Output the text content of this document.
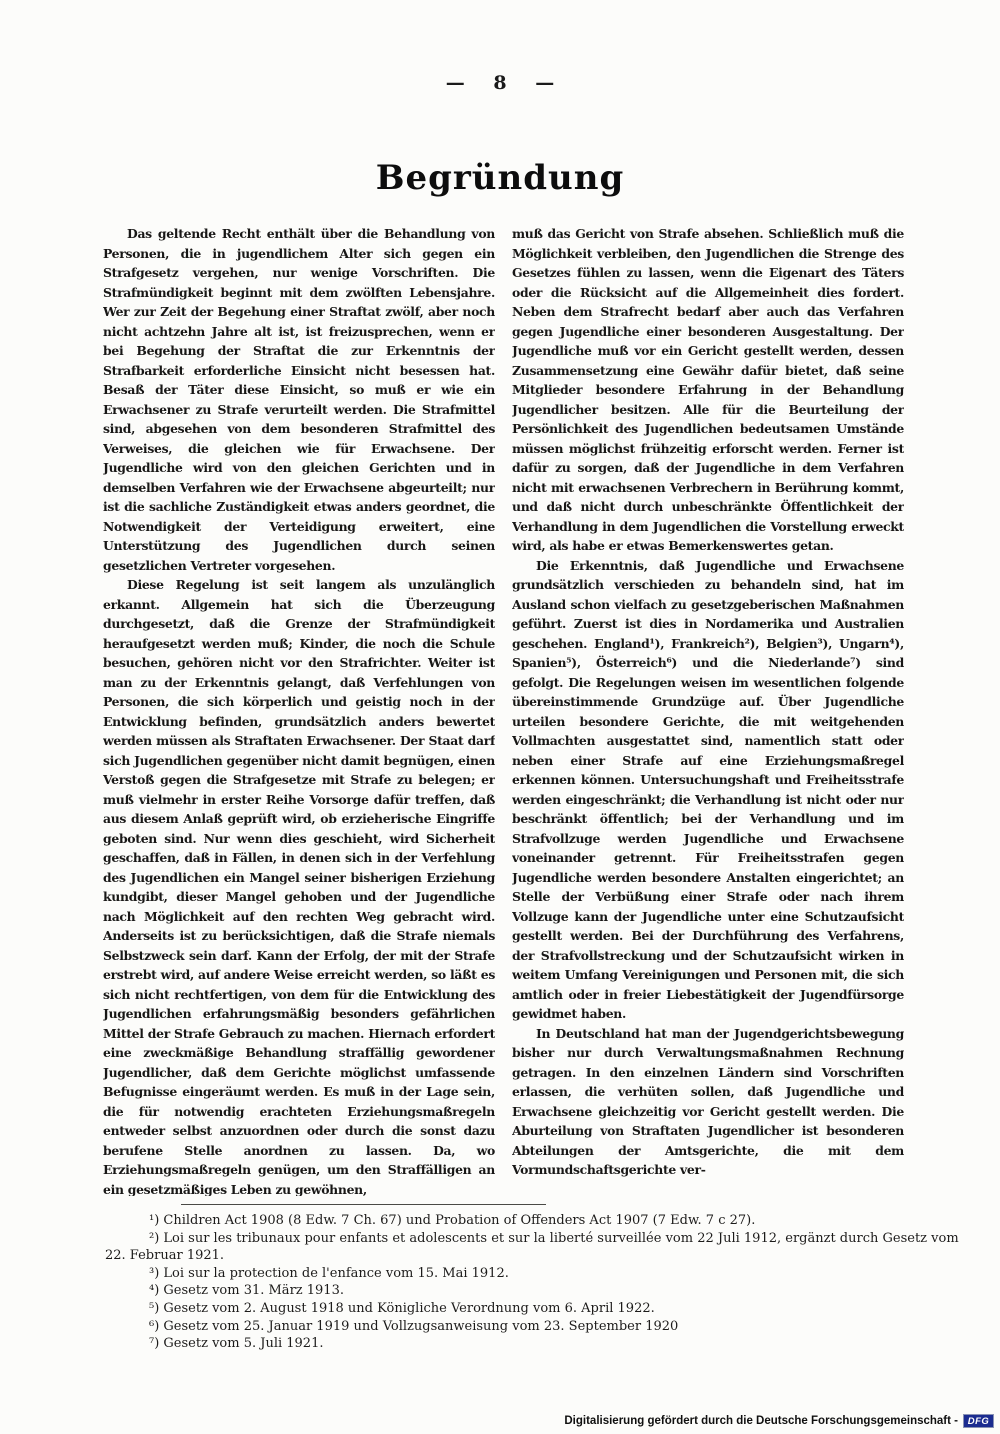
— 8 —
Begründung

Das geltende Recht enthält über die Behandlung von Personen, die in jugendlichem Alter sich gegen ein Strafgesetz vergehen, nur wenige Vorschriften. Die Strafmündigkeit beginnt mit dem zwölften Lebensjahre. Wer zur Zeit der Begehung einer Straftat zwölf, aber noch nicht achtzehn Jahre alt ist, ist freizusprechen, wenn er bei Begehung der Straftat die zur Erkenntnis der Strafbarkeit erforderliche Einsicht nicht besessen hat. Besaß der Täter diese Einsicht, so muß er wie ein Erwachsener zu Strafe verurteilt werden. Die Strafmittel sind, abgesehen von dem besonderen Strafmittel des Verweises, die gleichen wie für Erwachsene. Der Jugendliche wird von den gleichen Gerichten und in demselben Verfahren wie der Erwachsene abgeurteilt; nur ist die sachliche Zuständigkeit etwas anders geordnet, die Notwendigkeit der Verteidigung erweitert, eine Unterstützung des Jugendlichen durch seinen gesetzlichen Vertreter vorgesehen.

Diese Regelung ist seit langem als unzulänglich erkannt. Allgemein hat sich die Überzeugung durchgesetzt, daß die Grenze der Strafmündigkeit heraufgesetzt werden muß; Kinder, die noch die Schule besuchen, gehören nicht vor den Strafrichter. Weiter ist man zu der Erkenntnis gelangt, daß Verfehlungen von Personen, die sich körperlich und geistig noch in der Entwicklung befinden, grundsätzlich anders bewertet werden müssen als Straftaten Erwachsener. Der Staat darf sich Jugendlichen gegenüber nicht damit begnügen, einen Verstoß gegen die Strafgesetze mit Strafe zu belegen; er muß vielmehr in erster Reihe Vorsorge dafür treffen, daß aus diesem Anlaß geprüft wird, ob erzieherische Eingriffe geboten sind. Nur wenn dies geschieht, wird Sicherheit geschaffen, daß in Fällen, in denen sich in der Verfehlung des Jugendlichen ein Mangel seiner bisherigen Erziehung kundgibt, dieser Mangel gehoben und der Jugendliche nach Möglichkeit auf den rechten Weg gebracht wird. Anderseits ist zu berücksichtigen, daß die Strafe niemals Selbstzweck sein darf. Kann der Erfolg, der mit der Strafe erstrebt wird, auf andere Weise erreicht werden, so läßt es sich nicht rechtfertigen, von dem für die Entwicklung des Jugendlichen erfahrungsmäßig besonders gefährlichen Mittel der Strafe Gebrauch zu machen. Hiernach erfordert eine zweckmäßige Behandlung straffällig gewordener Jugendlicher, daß dem Gerichte möglichst umfassende Befugnisse eingeräumt werden. Es muß in der Lage sein, die für notwendig erachteten Erziehungsmaßregeln entweder selbst anzuordnen oder durch die sonst dazu berufene Stelle anordnen zu lassen. Da, wo Erziehungsmaßregeln genügen, um den Straffälligen an ein gesetzmäßiges Leben zu gewöhnen,

muß das Gericht von Strafe absehen. Schließlich muß die Möglichkeit verbleiben, den Jugendlichen die Strenge des Gesetzes fühlen zu lassen, wenn die Eigenart des Täters oder die Rücksicht auf die Allgemeinheit dies fordert. Neben dem Strafrecht bedarf aber auch das Verfahren gegen Jugendliche einer besonderen Ausgestaltung. Der Jugendliche muß vor ein Gericht gestellt werden, dessen Zusammensetzung eine Gewähr dafür bietet, daß seine Mitglieder besondere Erfahrung in der Behandlung Jugendlicher besitzen. Alle für die Beurteilung der Persönlichkeit des Jugendlichen bedeutsamen Umstände müssen möglichst frühzeitig erforscht werden. Ferner ist dafür zu sorgen, daß der Jugendliche in dem Verfahren nicht mit erwachsenen Verbrechern in Berührung kommt, und daß nicht durch unbeschränkte Öffentlichkeit der Verhandlung in dem Jugendlichen die Vorstellung erweckt wird, als habe er etwas Bemerkenswertes getan.

Die Erkenntnis, daß Jugendliche und Erwachsene grundsätzlich verschieden zu behandeln sind, hat im Ausland schon vielfach zu gesetzgeberischen Maßnahmen geführt. Zuerst ist dies in Nordamerika und Australien geschehen. England¹), Frankreich²), Belgien³), Ungarn⁴), Spanien⁵), Österreich⁶) und die Niederlande⁷) sind gefolgt. Die Regelungen weisen im wesentlichen folgende übereinstimmende Grundzüge auf. Über Jugendliche urteilen besondere Gerichte, die mit weitgehenden Vollmachten ausgestattet sind, namentlich statt oder neben einer Strafe auf eine Erziehungsmaßregel erkennen können. Untersuchungshaft und Freiheitsstrafe werden eingeschränkt; die Verhandlung ist nicht oder nur beschränkt öffentlich; bei der Verhandlung und im Strafvollzuge werden Jugendliche und Erwachsene voneinander getrennt. Für Freiheitsstrafen gegen Jugendliche werden besondere Anstalten eingerichtet; an Stelle der Verbüßung einer Strafe oder nach ihrem Vollzuge kann der Jugendliche unter eine Schutzaufsicht gestellt werden. Bei der Durchführung des Verfahrens, der Strafvollstreckung und der Schutzaufsicht wirken in weitem Umfang Vereinigungen und Personen mit, die sich amtlich oder in freier Liebestätigkeit der Jugendfürsorge gewidmet haben.

In Deutschland hat man der Jugendgerichtsbewegung bisher nur durch Verwaltungsmaßnahmen Rechnung getragen. In den einzelnen Ländern sind Vorschriften erlassen, die verhüten sollen, daß Jugendliche und Erwachsene gleichzeitig vor Gericht gestellt werden. Die Aburteilung von Straftaten Jugendlicher ist besonderen Abteilungen der Amtsgerichte, die mit dem Vormundschaftsgerichte ver-

¹) Children Act 1908 (8 Edw. 7 Ch. 67) und Probation of Offenders Act 1907 (7 Edw. 7 c 27).

²) Loi sur les tribunaux pour enfants et adolescents et sur la liberté surveillée vom 22 Juli 1912, ergänzt durch Gesetz vom 22. Februar 1921.

³) Loi sur la protection de l'enfance vom 15. Mai 1912.

⁴) Gesetz vom 31. März 1913.

⁵) Gesetz vom 2. August 1918 und Königliche Verordnung vom 6. April 1922.

⁶) Gesetz vom 25. Januar 1919 und Vollzugsanweisung vom 23. September 1920

⁷) Gesetz vom 5. Juli 1921.

Digitalisierung gefördert durch die Deutsche Forschungsgemeinschaft -	DFG
